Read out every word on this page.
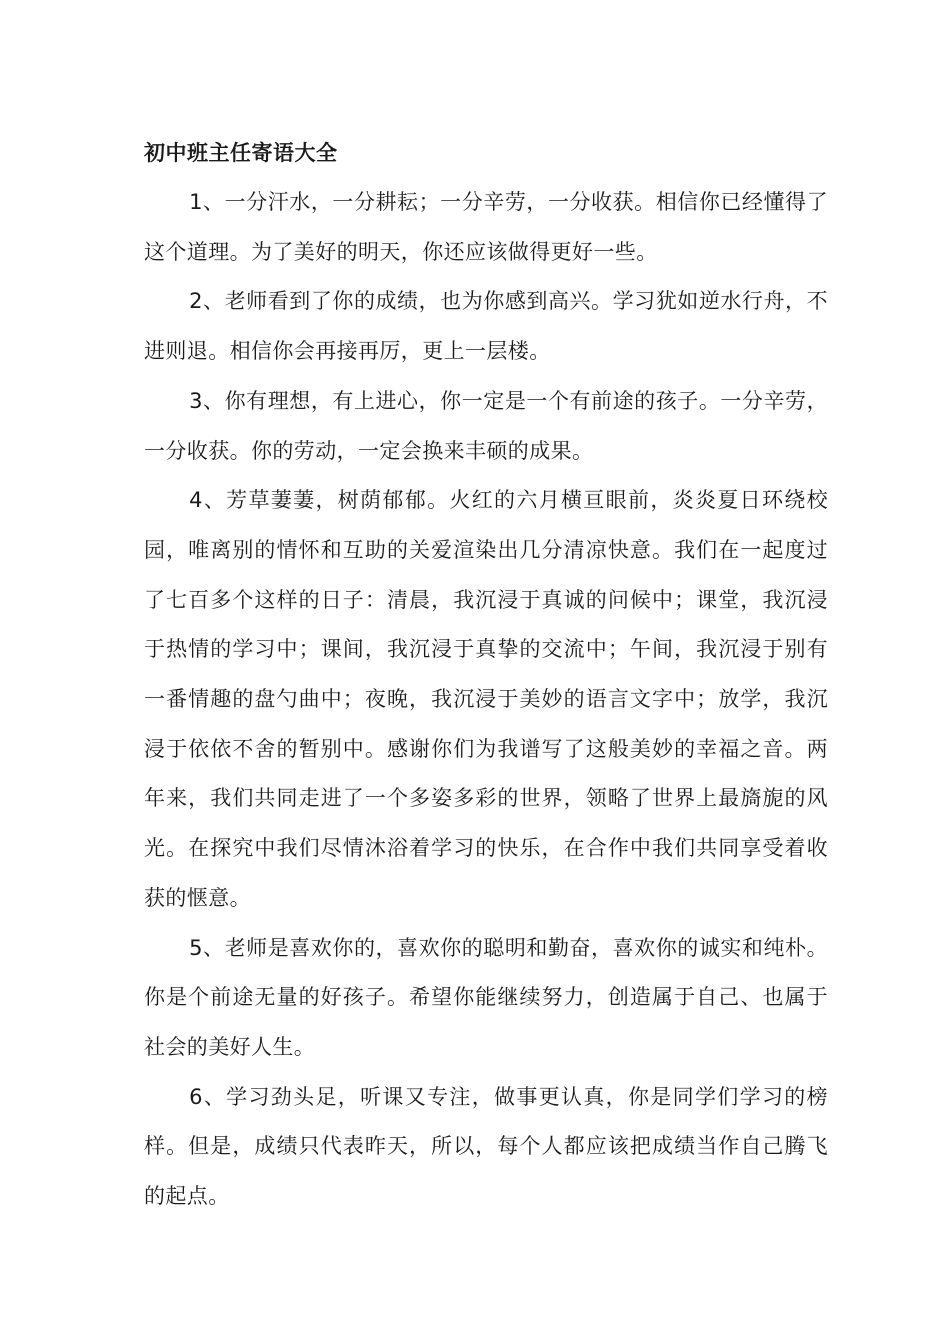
初中班主任寄语大全

1、一分汗水，一分耕耘；一分辛劳，一分收获。相信你已经懂得了这个道理。为了美好的明天，你还应该做得更好一些。

2、老师看到了你的成绩，也为你感到高兴。学习犹如逆水行舟，不进则退。相信你会再接再厉，更上一层楼。

3、你有理想，有上进心，你一定是一个有前途的孩子。一分辛劳，一分收获。你的劳动，一定会换来丰硕的成果。

4、芳草萋萋，树荫郁郁。火红的六月横亘眼前，炎炎夏日环绕校园，唯离别的情怀和互助的关爱渲染出几分清凉快意。我们在一起度过了七百多个这样的日子：清晨，我沉浸于真诚的问候中；课堂，我沉浸于热情的学习中；课间，我沉浸于真挚的交流中；午间，我沉浸于别有一番情趣的盘勺曲中；夜晚，我沉浸于美妙的语言文字中；放学，我沉浸于依依不舍的暂别中。感谢你们为我谱写了这般美妙的幸福之音。两年来，我们共同走进了一个多姿多彩的世界，领略了世界上最旖旎的风光。在探究中我们尽情沐浴着学习的快乐，在合作中我们共同享受着收获的惬意。

5、老师是喜欢你的，喜欢你的聪明和勤奋，喜欢你的诚实和纯朴。你是个前途无量的好孩子。希望你能继续努力，创造属于自己、也属于社会的美好人生。

6、学习劲头足，听课又专注，做事更认真，你是同学们学习的榜样。但是，成绩只代表昨天，所以，每个人都应该把成绩当作自己腾飞的起点。
